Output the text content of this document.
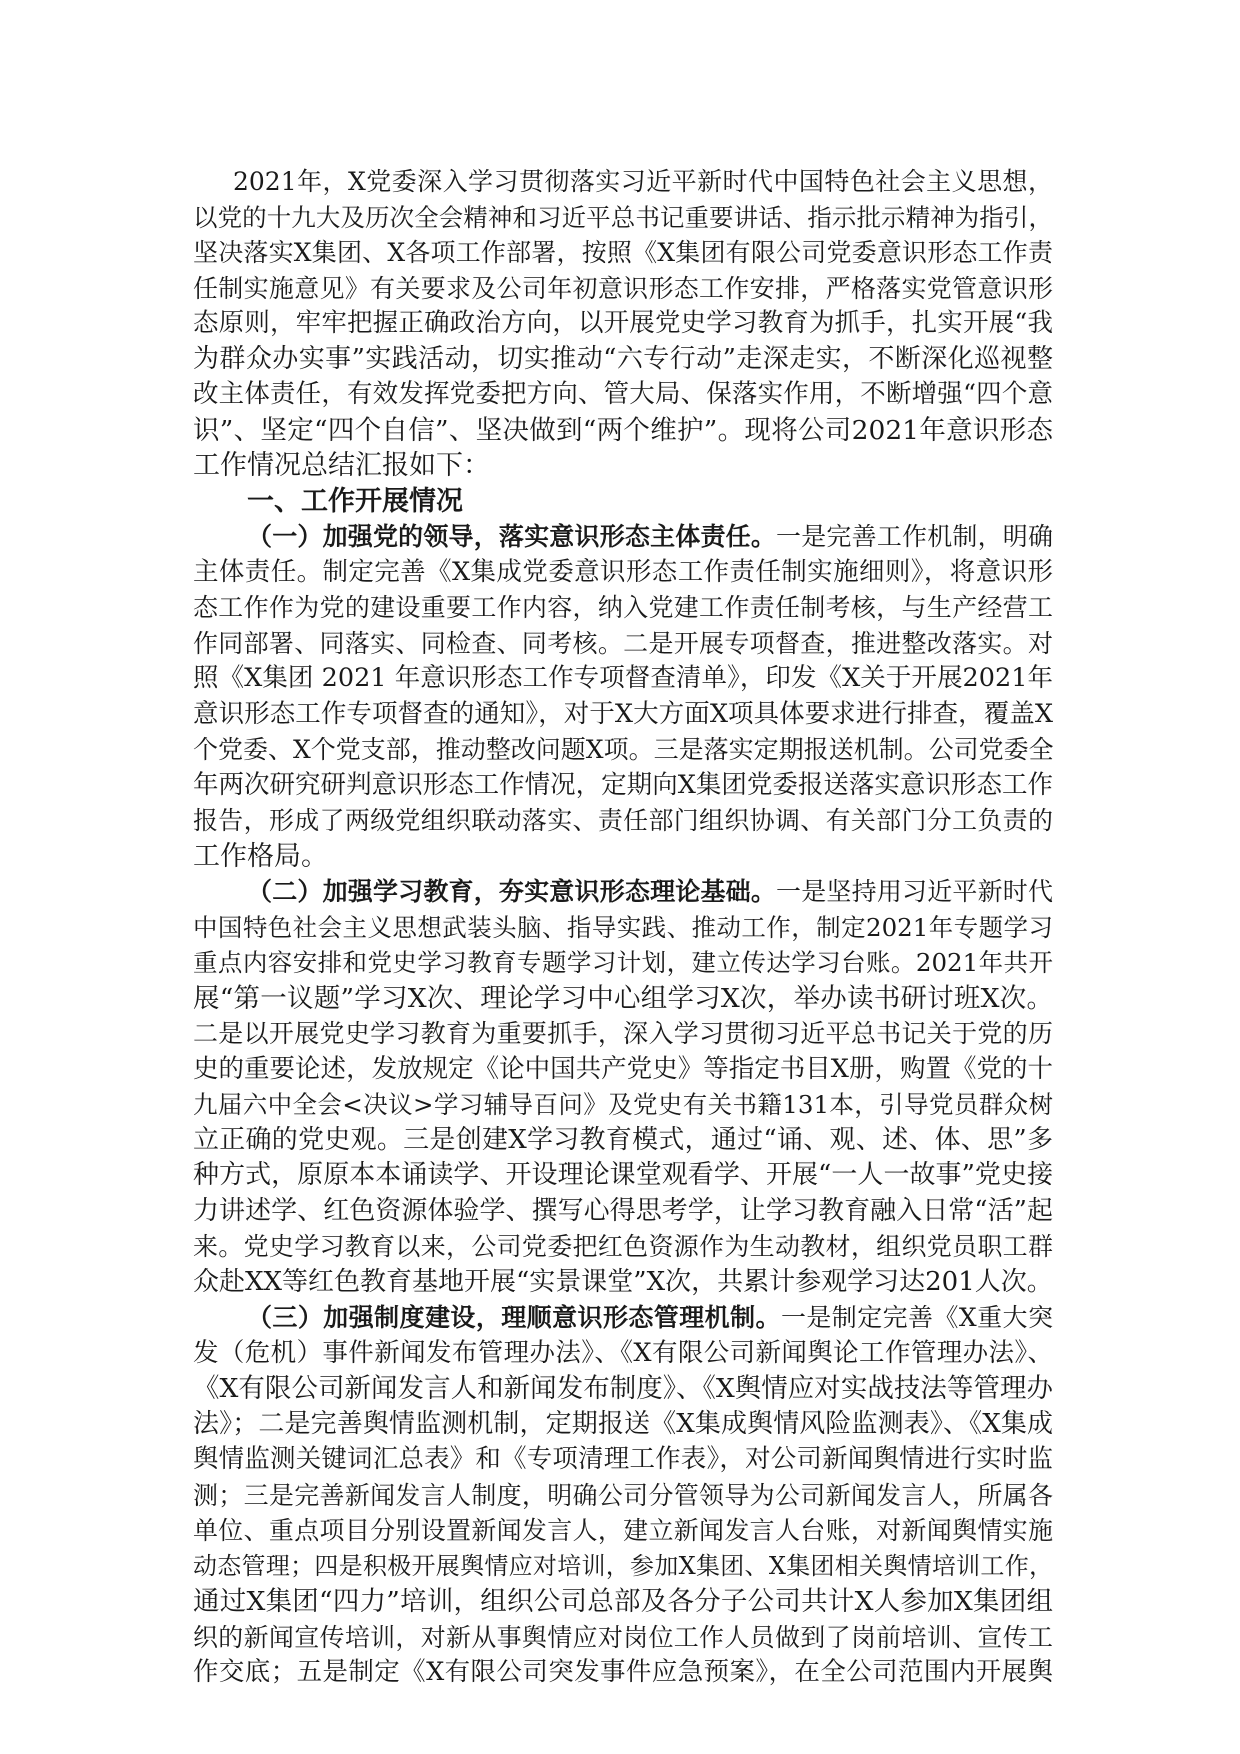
2021年，X党委深入学习贯彻落实习近平新时代中国特色社会主义思想，
以党的十九大及历次全会精神和习近平总书记重要讲话、指示批示精神为指引，
坚决落实X集团、X各项工作部署，按照《X集团有限公司党委意识形态工作责
任制实施意见》有关要求及公司年初意识形态工作安排，严格落实党管意识形
态原则，牢牢把握正确政治方向，以开展党史学习教育为抓手，扎实开展“我
为群众办实事”实践活动，切实推动“六专行动”走深走实，不断深化巡视整
改主体责任，有效发挥党委把方向、管大局、保落实作用，不断增强“四个意
识”、坚定“四个自信”、坚决做到“两个维护”。现将公司2021年意识形态
工作情况总结汇报如下：
一、工作开展情况
（一）加强党的领导，落实意识形态主体责任。一是完善工作机制，明确
主体责任。制定完善《X集成党委意识形态工作责任制实施细则》，将意识形
态工作作为党的建设重要工作内容，纳入党建工作责任制考核，与生产经营工
作同部署、同落实、同检查、同考核。二是开展专项督查，推进整改落实。对
照《X集团 2021 年意识形态工作专项督查清单》，印发《X关于开展2021年
意识形态工作专项督查的通知》，对于X大方面X项具体要求进行排查，覆盖X
个党委、X个党支部，推动整改问题X项。三是落实定期报送机制。公司党委全
年两次研究研判意识形态工作情况，定期向X集团党委报送落实意识形态工作
报告，形成了两级党组织联动落实、责任部门组织协调、有关部门分工负责的
工作格局。
（二）加强学习教育，夯实意识形态理论基础。一是坚持用习近平新时代
中国特色社会主义思想武装头脑、指导实践、推动工作，制定2021年专题学习
重点内容安排和党史学习教育专题学习计划，建立传达学习台账。2021年共开
展“第一议题”学习X次、理论学习中心组学习X次，举办读书研讨班X次。
二是以开展党史学习教育为重要抓手，深入学习贯彻习近平总书记关于党的历
史的重要论述，发放规定《论中国共产党史》等指定书目X册，购置《党的十
九届六中全会<决议>学习辅导百问》及党史有关书籍131本，引导党员群众树
立正确的党史观。三是创建X学习教育模式，通过“诵、观、述、体、思”多
种方式，原原本本诵读学、开设理论课堂观看学、开展“一人一故事”党史接
力讲述学、红色资源体验学、撰写心得思考学，让学习教育融入日常“活”起
来。党史学习教育以来，公司党委把红色资源作为生动教材，组织党员职工群
众赴XX等红色教育基地开展“实景课堂”X次，共累计参观学习达201人次。
（三）加强制度建设，理顺意识形态管理机制。一是制定完善《X重大突
发（危机）事件新闻发布管理办法》、《X有限公司新闻舆论工作管理办法》、
《X有限公司新闻发言人和新闻发布制度》、《X舆情应对实战技法等管理办
法》；二是完善舆情监测机制，定期报送《X集成舆情风险监测表》、《X集成
舆情监测关键词汇总表》和《专项清理工作表》，对公司新闻舆情进行实时监
测；三是完善新闻发言人制度，明确公司分管领导为公司新闻发言人，所属各
单位、重点项目分别设置新闻发言人，建立新闻发言人台账，对新闻舆情实施
动态管理；四是积极开展舆情应对培训，参加X集团、X集团相关舆情培训工作，
通过X集团“四力”培训，组织公司总部及各分子公司共计X人参加X集团组
织的新闻宣传培训，对新从事舆情应对岗位工作人员做到了岗前培训、宣传工
作交底；五是制定《X有限公司突发事件应急预案》，在全公司范围内开展舆
